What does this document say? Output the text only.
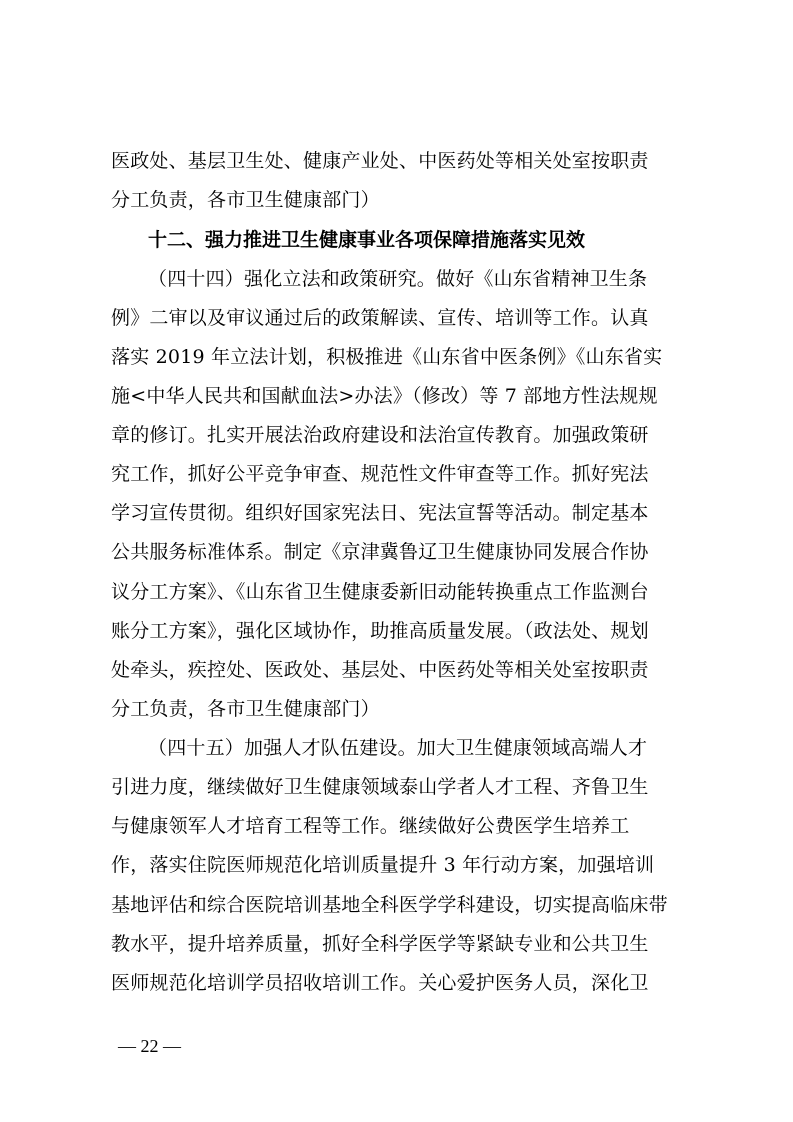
医政处、基层卫生处、健康产业处、中医药处等相关处室按职责
分工负责，各市卫生健康部门）
十二、强力推进卫生健康事业各项保障措施落实见效
（四十四）强化立法和政策研究。做好《山东省精神卫生条
例》二审以及审议通过后的政策解读、宣传、培训等工作。认真
落实 2019 年立法计划，积极推进《山东省中医条例》《山东省实
施<中华人民共和国献血法>办法》（修改）等 7 部地方性法规规
章的修订。扎实开展法治政府建设和法治宣传教育。加强政策研
究工作，抓好公平竞争审查、规范性文件审查等工作。抓好宪法
学习宣传贯彻。组织好国家宪法日、宪法宣誓等活动。制定基本
公共服务标准体系。制定《京津冀鲁辽卫生健康协同发展合作协
议分工方案》、《山东省卫生健康委新旧动能转换重点工作监测台
账分工方案》，强化区域协作，助推高质量发展。（政法处、规划
处牵头，疾控处、医政处、基层处、中医药处等相关处室按职责
分工负责，各市卫生健康部门）
（四十五）加强人才队伍建设。加大卫生健康领域高端人才
引进力度，继续做好卫生健康领域泰山学者人才工程、齐鲁卫生
与健康领军人才培育工程等工作。继续做好公费医学生培养工
作，落实住院医师规范化培训质量提升 3 年行动方案，加强培训
基地评估和综合医院培训基地全科医学学科建设，切实提高临床带
教水平，提升培养质量，抓好全科学医学等紧缺专业和公共卫生
医师规范化培训学员招收培训工作。关心爱护医务人员，深化卫
— 22 —
